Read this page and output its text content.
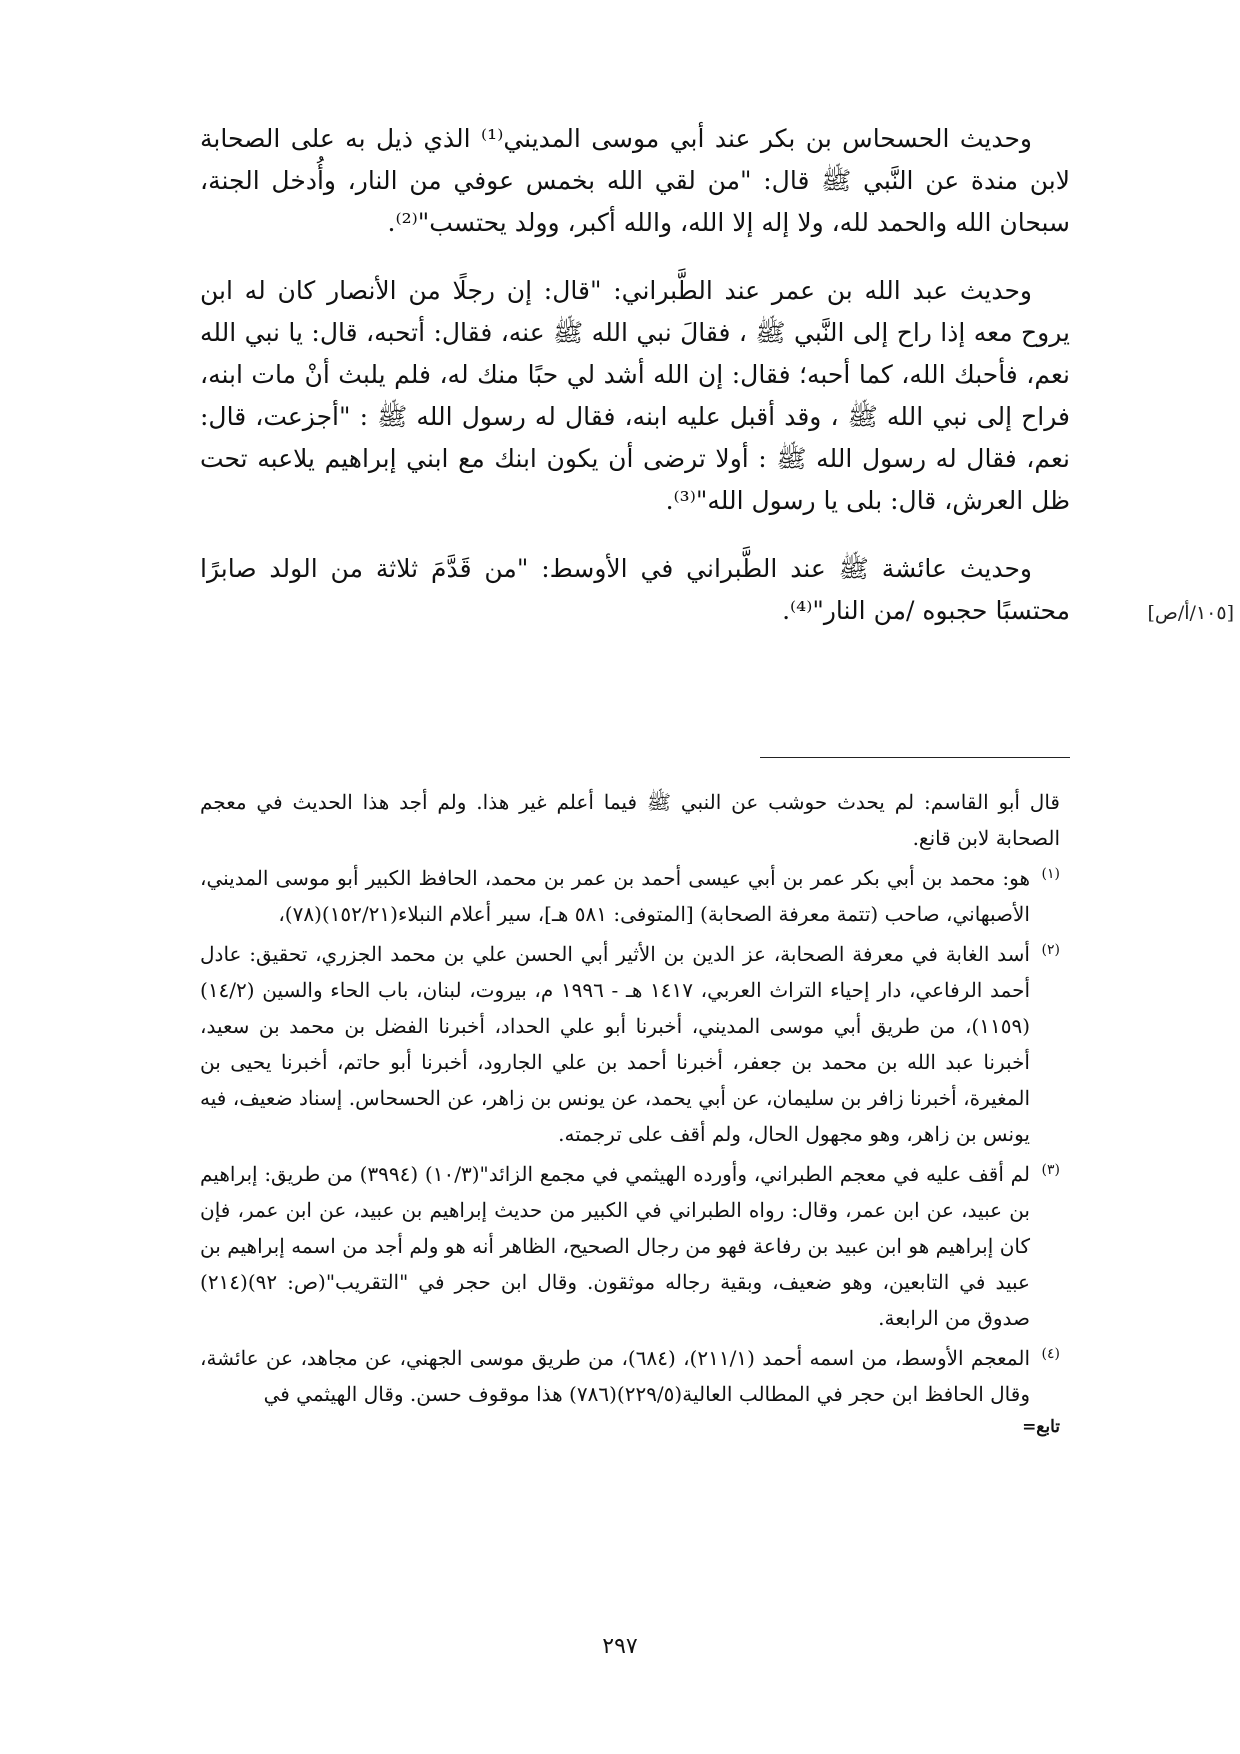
وحديث الحسحاس بن بكر عند أبي موسى المديني⁽¹⁾ الذي ذيل به على الصحابة لابن مندة عن النَّبي ﷺ قال: "من لقي الله بخمس عوفي من النار، وأُدخل الجنة، سبحان الله والحمد لله، ولا إله إلا الله، والله أكبر، وولد يحتسب"⁽²⁾.

وحديث عبد الله بن عمر عند الطَّبراني: "قال: إن رجلًا من الأنصار كان له ابن يروح معه إذا راح إلى النَّبي ﷺ ، فقالَ نبي الله ﷺ عنه، فقال: أتحبه، قال: يا نبي الله نعم، فأحبك الله، كما أحبه؛ فقال: إن الله أشد لي حبًا منك له، فلم يلبث أنْ مات ابنه، فراح إلى نبي الله ﷺ ، وقد أقبل عليه ابنه، فقال له رسول الله ﷺ : "أجزعت، قال: نعم، فقال له رسول الله ﷺ : أولا ترضى أن يكون ابنك مع ابني إبراهيم يلاعبه تحت ظل العرش، قال: بلى يا رسول الله"⁽³⁾.

وحديث عائشة ﷺ عند الطَّبراني في الأوسط: "من قَدَّمَ ثلاثة من الولد صابرًا محتسبًا حجبوه /من النار"⁽⁴⁾.	[١٠٥/أ/ص]
قال أبو القاسم: لم يحدث حوشب عن النبي ﷺ فيما أعلم غير هذا. ولم أجد هذا الحديث في معجم الصحابة لابن قانع.
(١)
هو: محمد بن أبي بكر عمر بن أبي عيسى أحمد بن عمر بن محمد، الحافظ الكبير أبو موسى المديني، الأصبهاني، صاحب (تتمة معرفة الصحابة) [المتوفى: ٥٨١ هـ]، سير أعلام النبلاء(١٥٢/٢١)(٧٨)،
(٢)
أسد الغابة في معرفة الصحابة، عز الدين بن الأثير أبي الحسن علي بن محمد الجزري، تحقيق: عادل أحمد الرفاعي، دار إحياء التراث العربي، ١٤١٧ هـ - ١٩٩٦ م، بيروت، لبنان، باب الحاء والسين (١٤/٢)(١١٥٩)، من طريق أبي موسى المديني، أخبرنا أبو علي الحداد، أخبرنا الفضل بن محمد بن سعيد، أخبرنا عبد الله بن محمد بن جعفر، أخبرنا أحمد بن علي الجارود، أخبرنا أبو حاتم، أخبرنا يحيى بن المغيرة، أخبرنا زافر بن سليمان، عن أبي يحمد، عن يونس بن زاهر، عن الحسحاس. إسناد ضعيف، فيه يونس بن زاهر، وهو مجهول الحال، ولم أقف على ترجمته.
(٣)
لم أقف عليه في معجم الطبراني، وأورده الهيثمي في مجمع الزائد"(١٠/٣) (٣٩٩٤) من طريق: إبراهيم بن عبيد، عن ابن عمر، وقال: رواه الطبراني في الكبير من حديث إبراهيم بن عبيد، عن ابن عمر، فإن كان إبراهيم هو ابن عبيد بن رفاعة فهو من رجال الصحيح، الظاهر أنه هو ولم أجد من اسمه إبراهيم بن عبيد في التابعين، وهو ضعيف، وبقية رجاله موثقون. وقال ابن حجر في "التقريب"(ص: ٩٢)(٢١٤) صدوق من الرابعة.
(٤)
المعجم الأوسط، من اسمه أحمد (٢١١/١)، (٦٨٤)، من طريق موسى الجهني، عن مجاهد، عن عائشة، وقال الحافظ ابن حجر في المطالب العالية(٢٢٩/٥)(٧٨٦) هذا موقوف حسن. وقال الهيثمي في
تابع=
٢٩٧
